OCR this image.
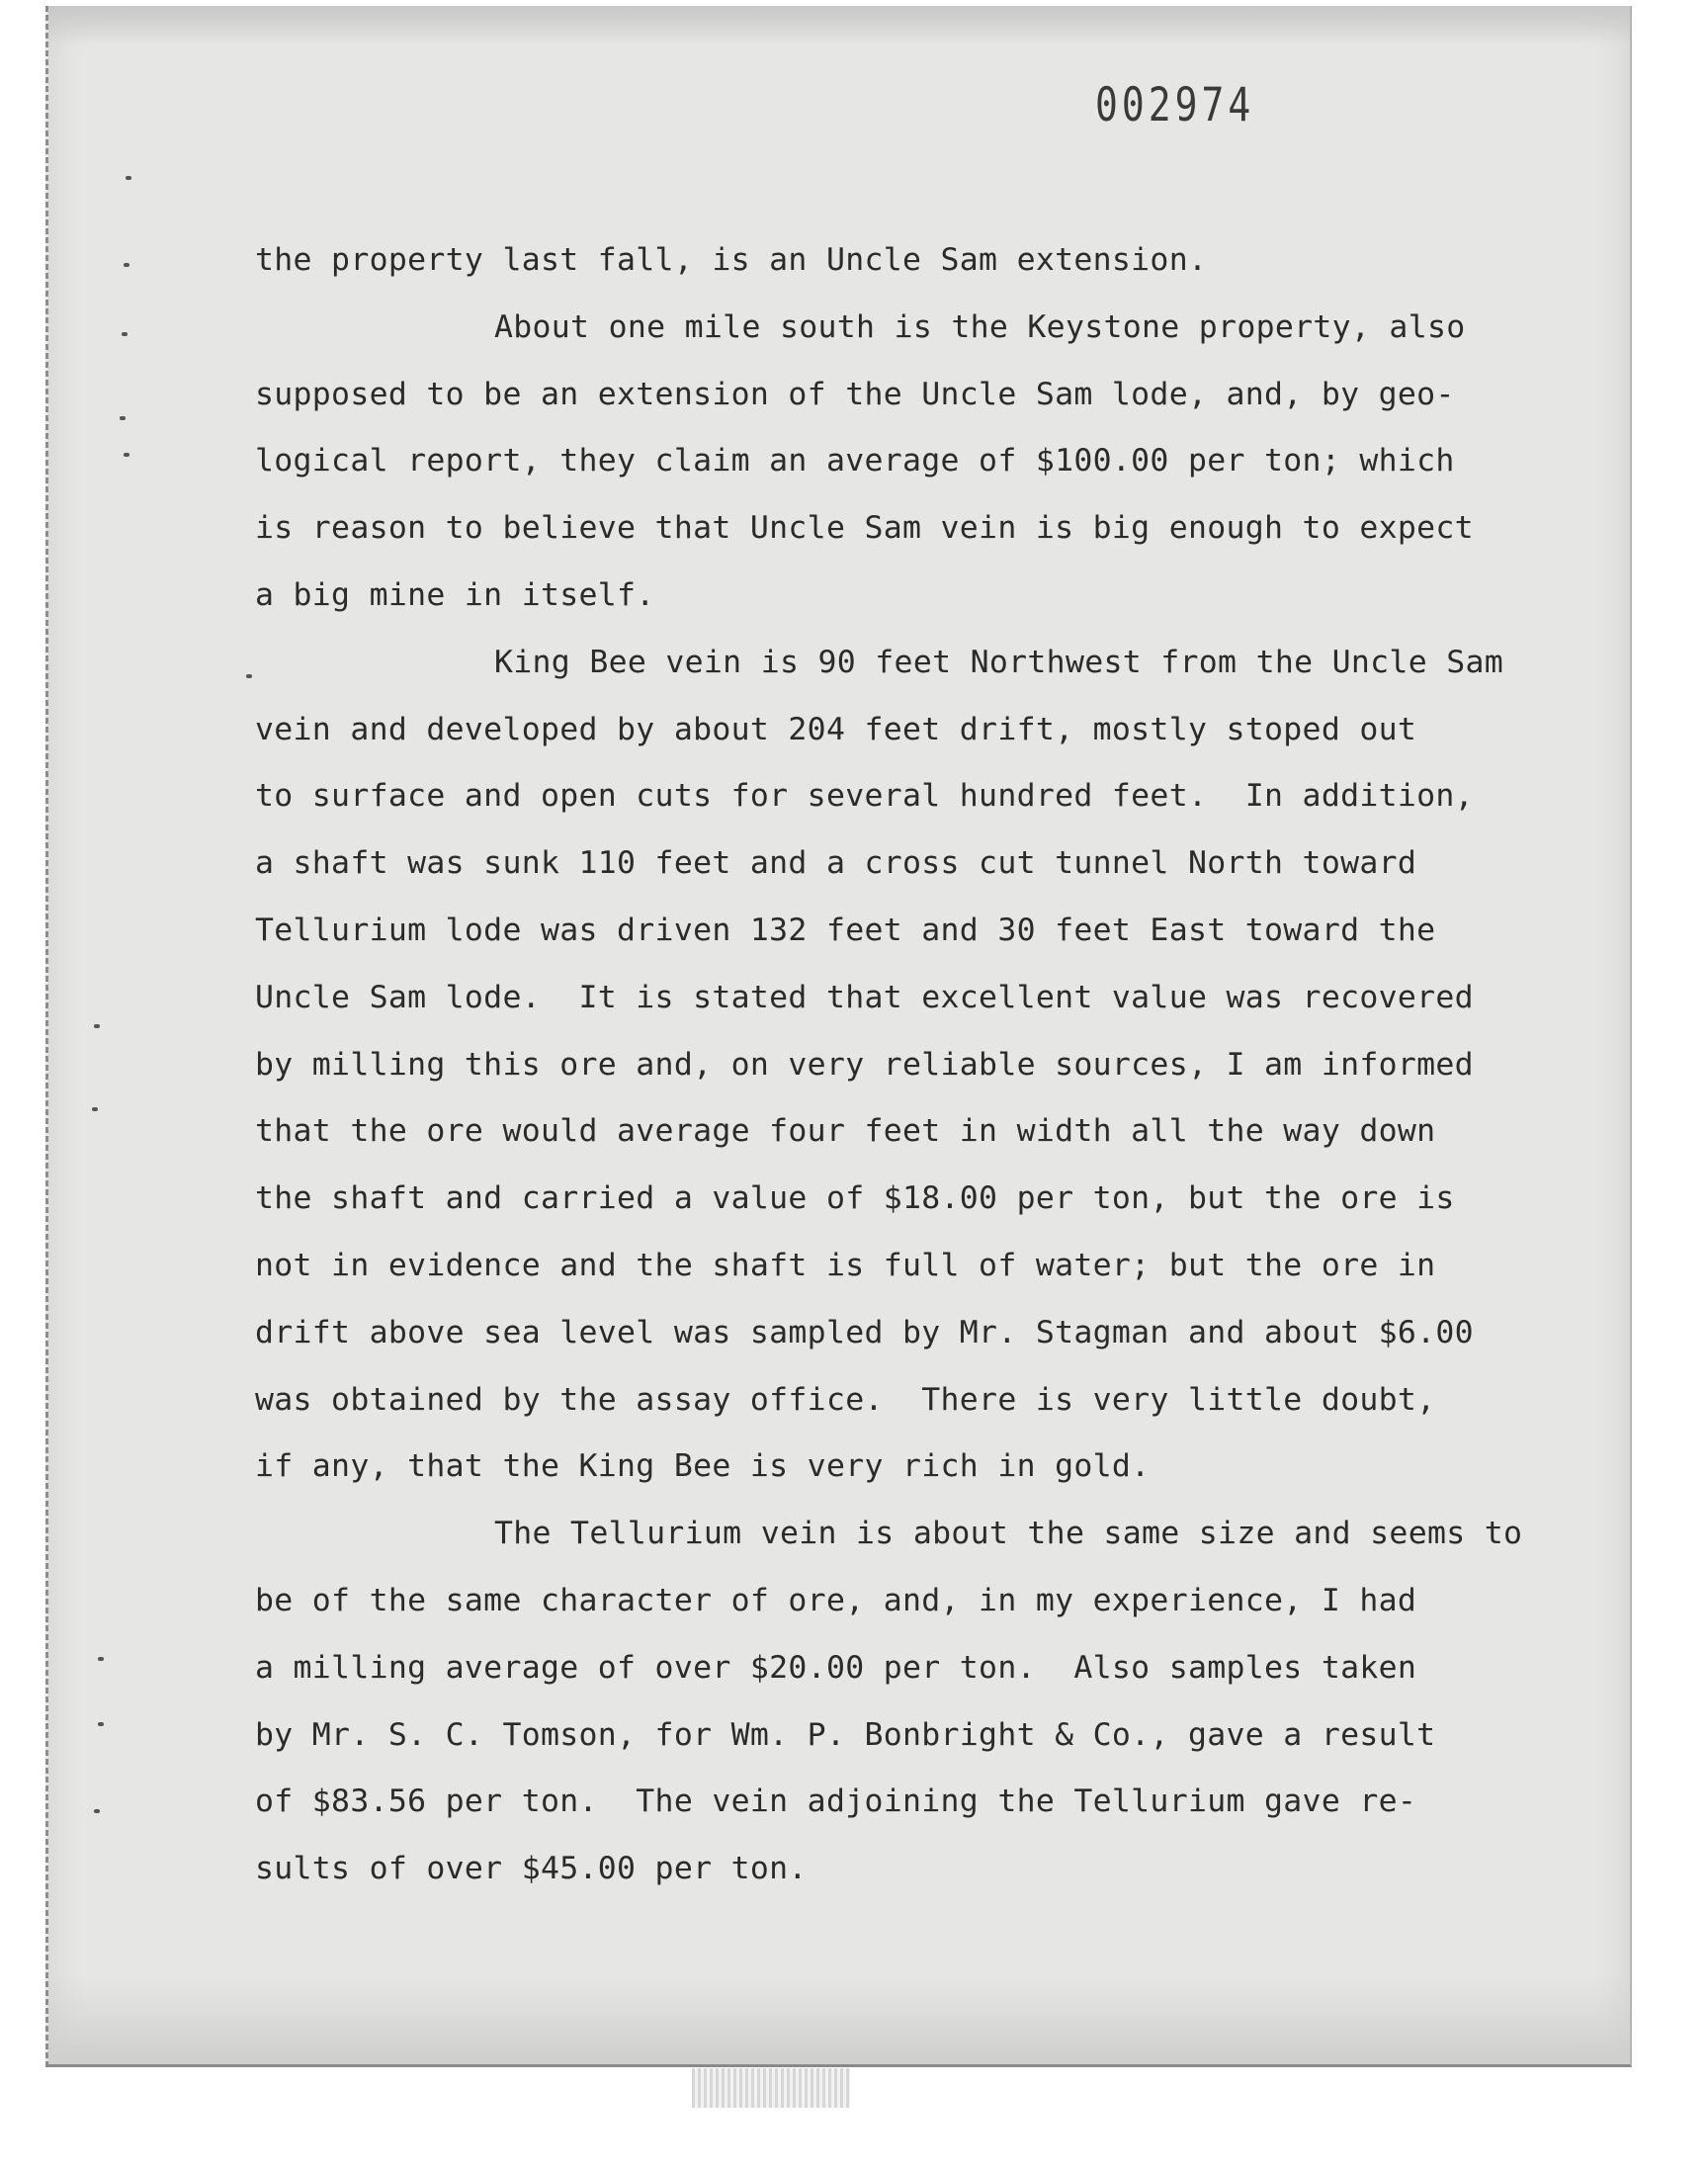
002974
the property last fall, is an Uncle Sam extension.
About one mile south is the Keystone property, also
supposed to be an extension of the Uncle Sam lode, and, by geo-
logical report, they claim an average of $100.00 per ton; which
is reason to believe that Uncle Sam vein is big enough to expect
a big mine in itself.
King Bee vein is 90 feet Northwest from the Uncle Sam
vein and developed by about 204 feet drift, mostly stoped out
to surface and open cuts for several hundred feet.  In addition,
a shaft was sunk 110 feet and a cross cut tunnel North toward
Tellurium lode was driven 132 feet and 30 feet East toward the
Uncle Sam lode.  It is stated that excellent value was recovered
by milling this ore and, on very reliable sources, I am informed
that the ore would average four feet in width all the way down
the shaft and carried a value of $18.00 per ton, but the ore is
not in evidence and the shaft is full of water; but the ore in
drift above sea level was sampled by Mr. Stagman and about $6.00
was obtained by the assay office.  There is very little doubt,
if any, that the King Bee is very rich in gold.
The Tellurium vein is about the same size and seems to
be of the same character of ore, and, in my experience, I had
a milling average of over $20.00 per ton.  Also samples taken
by Mr. S. C. Tomson, for Wm. P. Bonbright & Co., gave a result
of $83.56 per ton.  The vein adjoining the Tellurium gave re-
sults of over $45.00 per ton.
